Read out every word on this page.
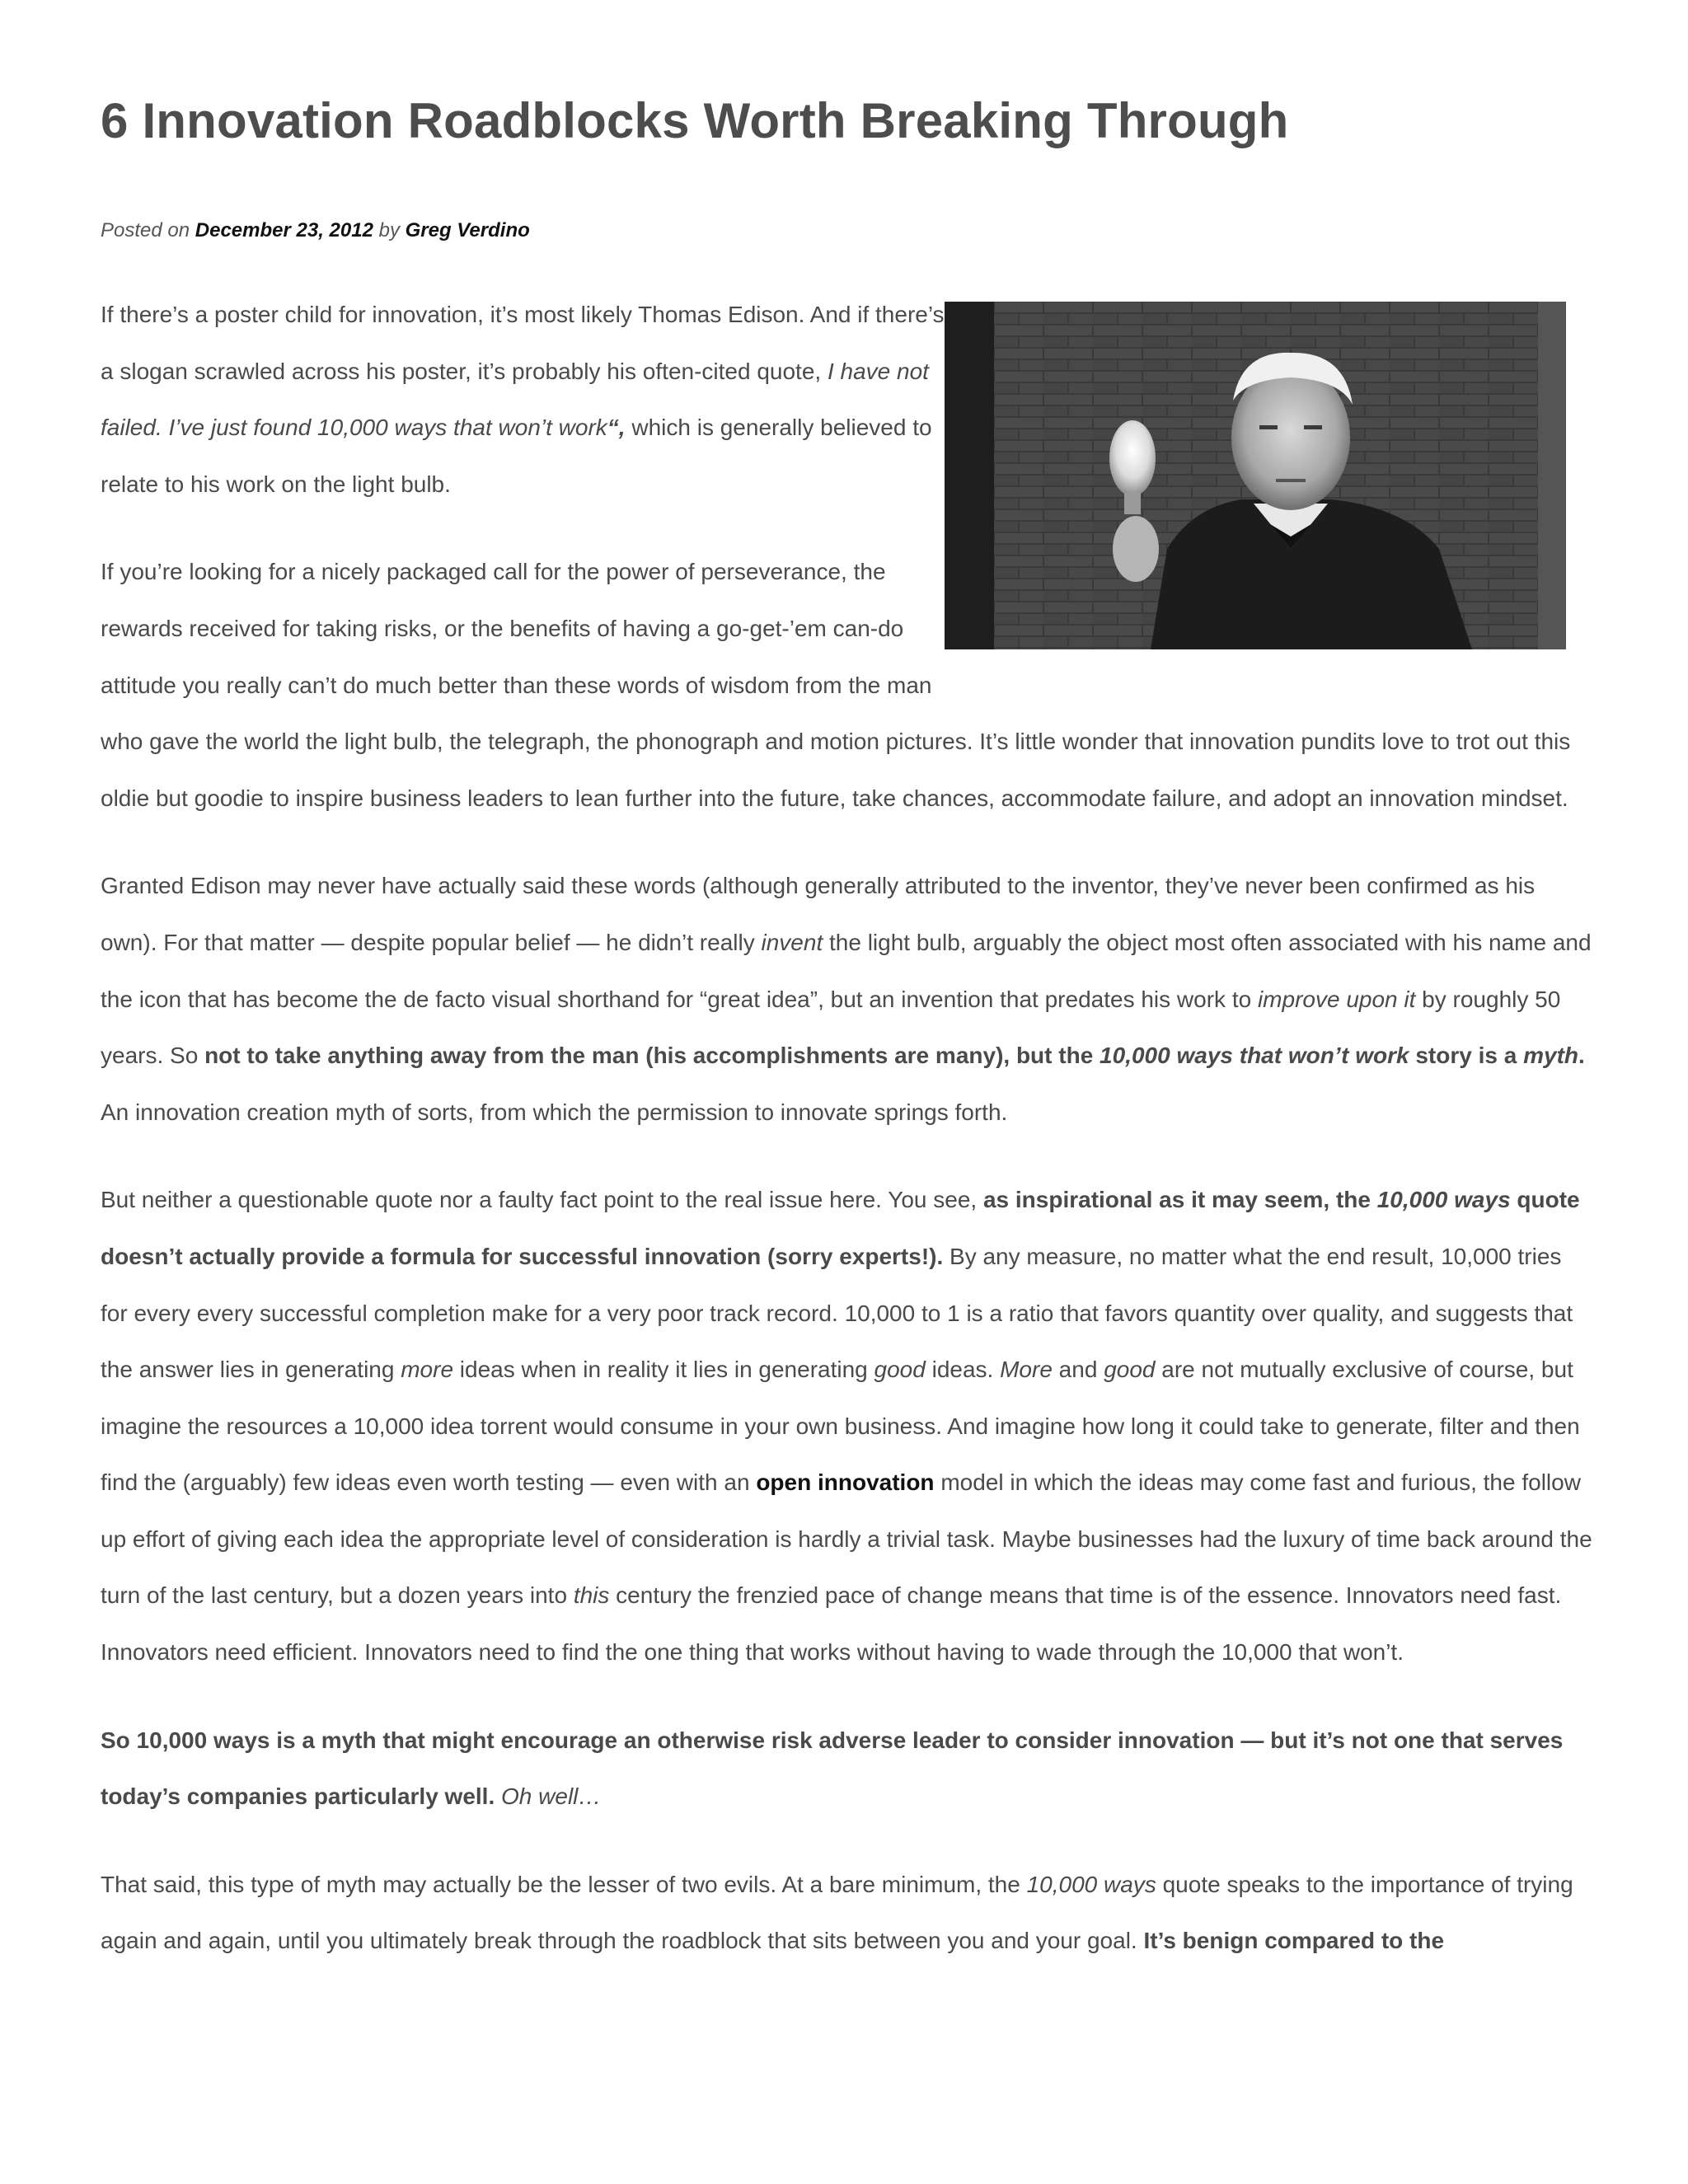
6 Innovation Roadblocks Worth Breaking Through
Posted on December 23, 2012 by Greg Verdino

If there’s a poster child for innovation, it’s most likely Thomas Edison. And if there’s a slogan scrawled across his poster, it’s probably his often-cited quote, I have not failed. I’ve just found 10,000 ways that won’t work“, which is generally believed to relate to his work on the light bulb.

If you’re looking for a nicely packaged call for the power of perseverance, the rewards received for taking risks, or the benefits of having a go-get-’em can-do attitude you really can’t do much better than these words of wisdom from the man who gave the world the light bulb, the telegraph, the phonograph and motion pictures. It’s little wonder that innovation pundits love to trot out this oldie but goodie to inspire business leaders to lean further into the future, take chances, accommodate failure, and adopt an innovation mindset.

Granted Edison may never have actually said these words (although generally attributed to the inventor, they’ve never been confirmed as his own). For that matter — despite popular belief — he didn’t really invent the light bulb, arguably the object most often associated with his name and the icon that has become the de facto visual shorthand for “great idea”, but an invention that predates his work to improve upon it by roughly 50 years. So not to take anything away from the man (his accomplishments are many), but the 10,000 ways that won’t work story is a myth. An innovation creation myth of sorts, from which the permission to innovate springs forth.

But neither a questionable quote nor a faulty fact point to the real issue here. You see, as inspirational as it may seem, the 10,000 ways quote doesn’t actually provide a formula for successful innovation (sorry experts!). By any measure, no matter what the end result, 10,000 tries for every every successful completion make for a very poor track record. 10,000 to 1 is a ratio that favors quantity over quality, and suggests that the answer lies in generating more ideas when in reality it lies in generating good ideas. More and good are not mutually exclusive of course, but imagine the resources a 10,000 idea torrent would consume in your own business. And imagine how long it could take to generate, filter and then find the (arguably) few ideas even worth testing — even with an open innovation model in which the ideas may come fast and furious, the follow up effort of giving each idea the appropriate level of consideration is hardly a trivial task. Maybe businesses had the luxury of time back around the turn of the last century, but a dozen years into this century the frenzied pace of change means that time is of the essence. Innovators need fast. Innovators need efficient. Innovators need to find the one thing that works without having to wade through the 10,000 that won’t.

So 10,000 ways is a myth that might encourage an otherwise risk adverse leader to consider innovation — but it’s not one that serves today’s companies particularly well. Oh well…

That said, this type of myth may actually be the lesser of two evils. At a bare minimum, the 10,000 ways quote speaks to the importance of trying again and again, until you ultimately break through the roadblock that sits between you and your goal. It’s benign compared to the
